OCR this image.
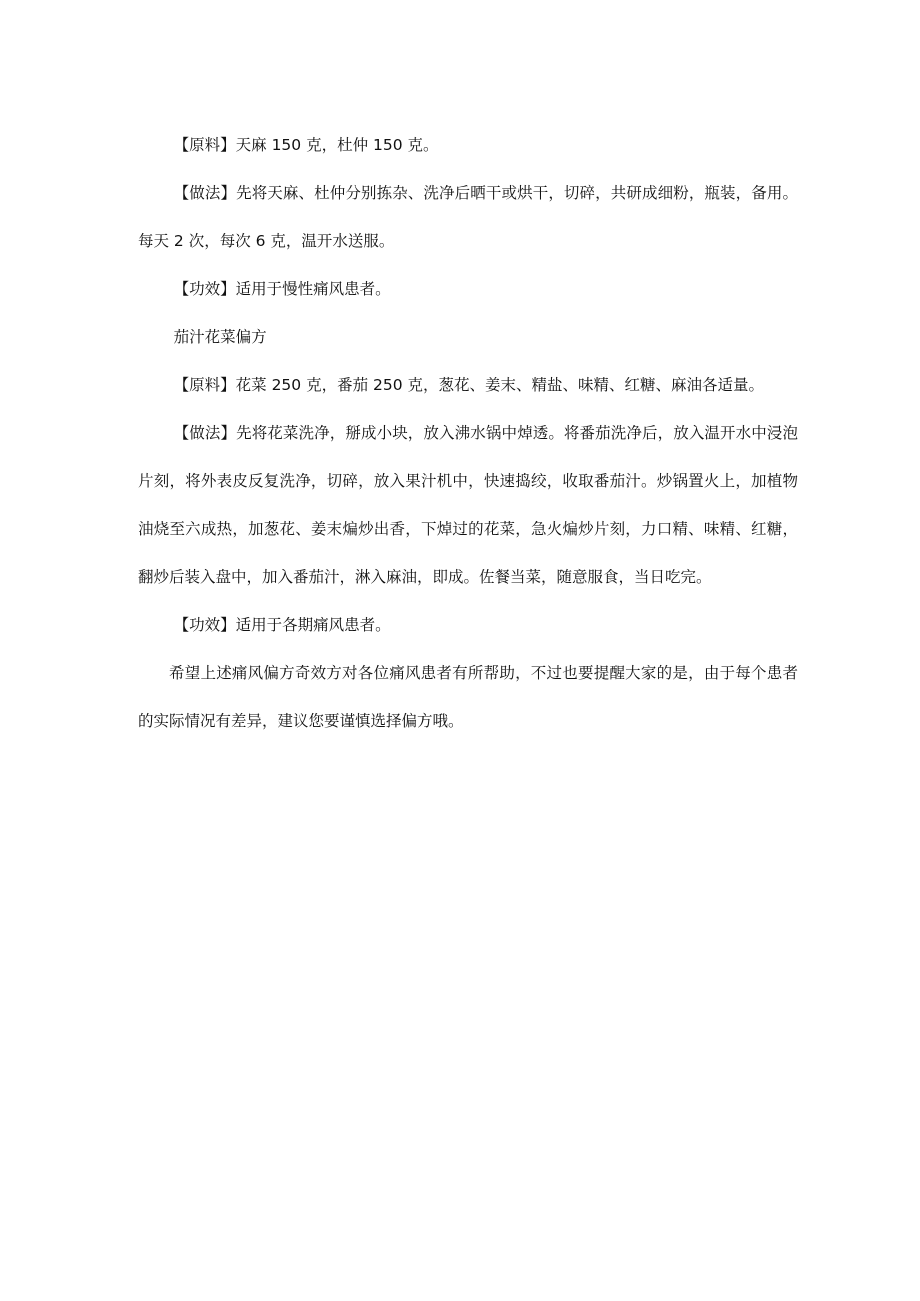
【原料】天麻 150 克，杜仲 150 克。

【做法】先将天麻、杜仲分别拣杂、洗净后晒干或烘干，切碎，共研成细粉，瓶装，备用。每天 2 次，每次 6 克，温开水送服。

【功效】适用于慢性痛风患者。

茄汁花菜偏方

【原料】花菜 250 克，番茄 250 克，葱花、姜末、精盐、味精、红糖、麻油各适量。

【做法】先将花菜洗净，掰成小块，放入沸水锅中焯透。将番茄洗净后，放入温开水中浸泡片刻，将外表皮反复洗净，切碎，放入果汁机中，快速捣绞，收取番茄汁。炒锅置火上，加植物油烧至六成热，加葱花、姜末煸炒出香，下焯过的花菜，急火煸炒片刻，力口精、味精、红糖，翻炒后装入盘中，加入番茄汁，淋入麻油，即成。佐餐当菜，随意服食，当日吃完。

【功效】适用于各期痛风患者。

希望上述痛风偏方奇效方对各位痛风患者有所帮助，不过也要提醒大家的是，由于每个患者的实际情况有差异，建议您要谨慎选择偏方哦。
